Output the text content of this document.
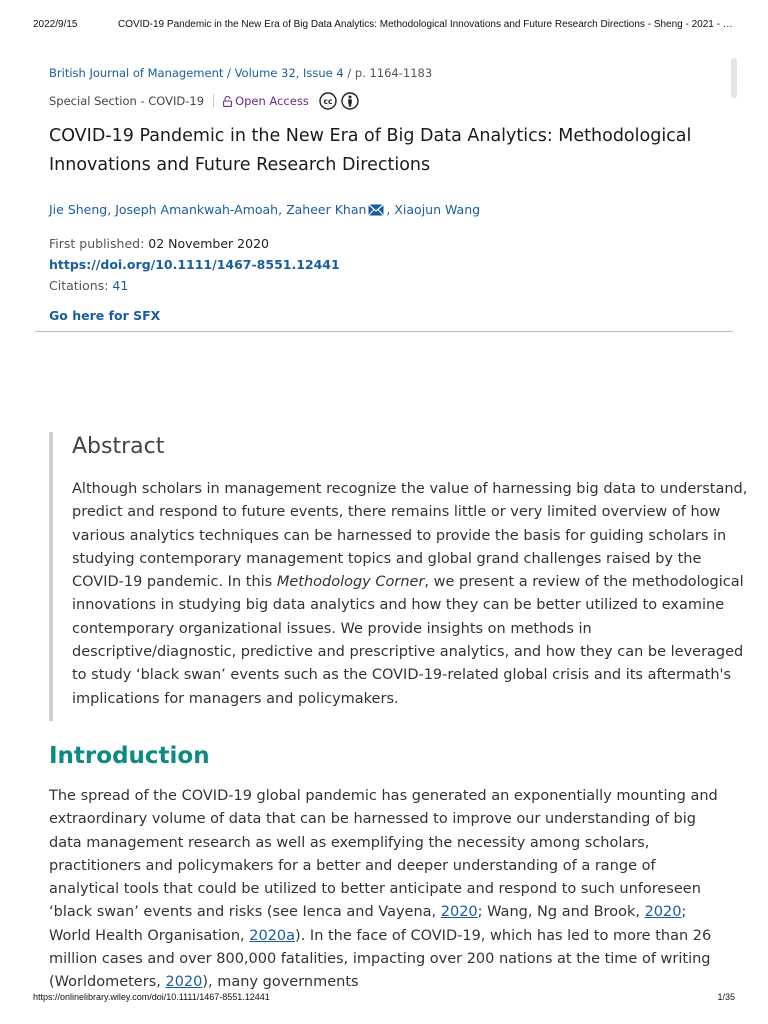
2022/9/15	COVID-19 Pandemic in the New Era of Big Data Analytics: Methodological Innovations and Future Research Directions - Sheng - 2021 - …
British Journal of Management / Volume 32, Issue 4 / p. 1164-1183
Special Section - COVID-19	Open Access cc
COVID-19 Pandemic in the New Era of Big Data Analytics: Methodological Innovations and Future Research Directions
Jie Sheng , Joseph Amankwah-Amoah , Zaheer Khan , Xiaojun Wang
First published: 02 November 2020
https://doi.org/10.1111/1467-8551.12441
Citations: 41
Go here for SFX
Abstract

Although scholars in management recognize the value of harnessing big data to understand, predict and respond to future events, there remains little or very limited overview of how various analytics techniques can be harnessed to provide the basis for guiding scholars in studying contemporary management topics and global grand challenges raised by the COVID-19 pandemic. In this Methodology Corner, we present a review of the methodological innovations in studying big data analytics and how they can be better utilized to examine contemporary organizational issues. We provide insights on methods in descriptive/diagnostic, predictive and prescriptive analytics, and how they can be leveraged to study ‘black swan’ events such as the COVID-19-related global crisis and its aftermath's implications for managers and policymakers.

Introduction

The spread of the COVID-19 global pandemic has generated an exponentially mounting and extraordinary volume of data that can be harnessed to improve our understanding of big data management research as well as exemplifying the necessity among scholars, practitioners and policymakers for a better and deeper understanding of a range of analytical tools that could be utilized to better anticipate and respond to such unforeseen ‘black swan’ events and risks (see Ienca and Vayena, 2020; Wang, Ng and Brook, 2020; World Health Organisation, 2020a). In the face of COVID-19, which has led to more than 26 million cases and over 800,000 fatalities, impacting over 200 nations at the time of writing (Worldometers, 2020), many governments

https://onlinelibrary.wiley.com/doi/10.1111/1467-8551.12441	1/35
